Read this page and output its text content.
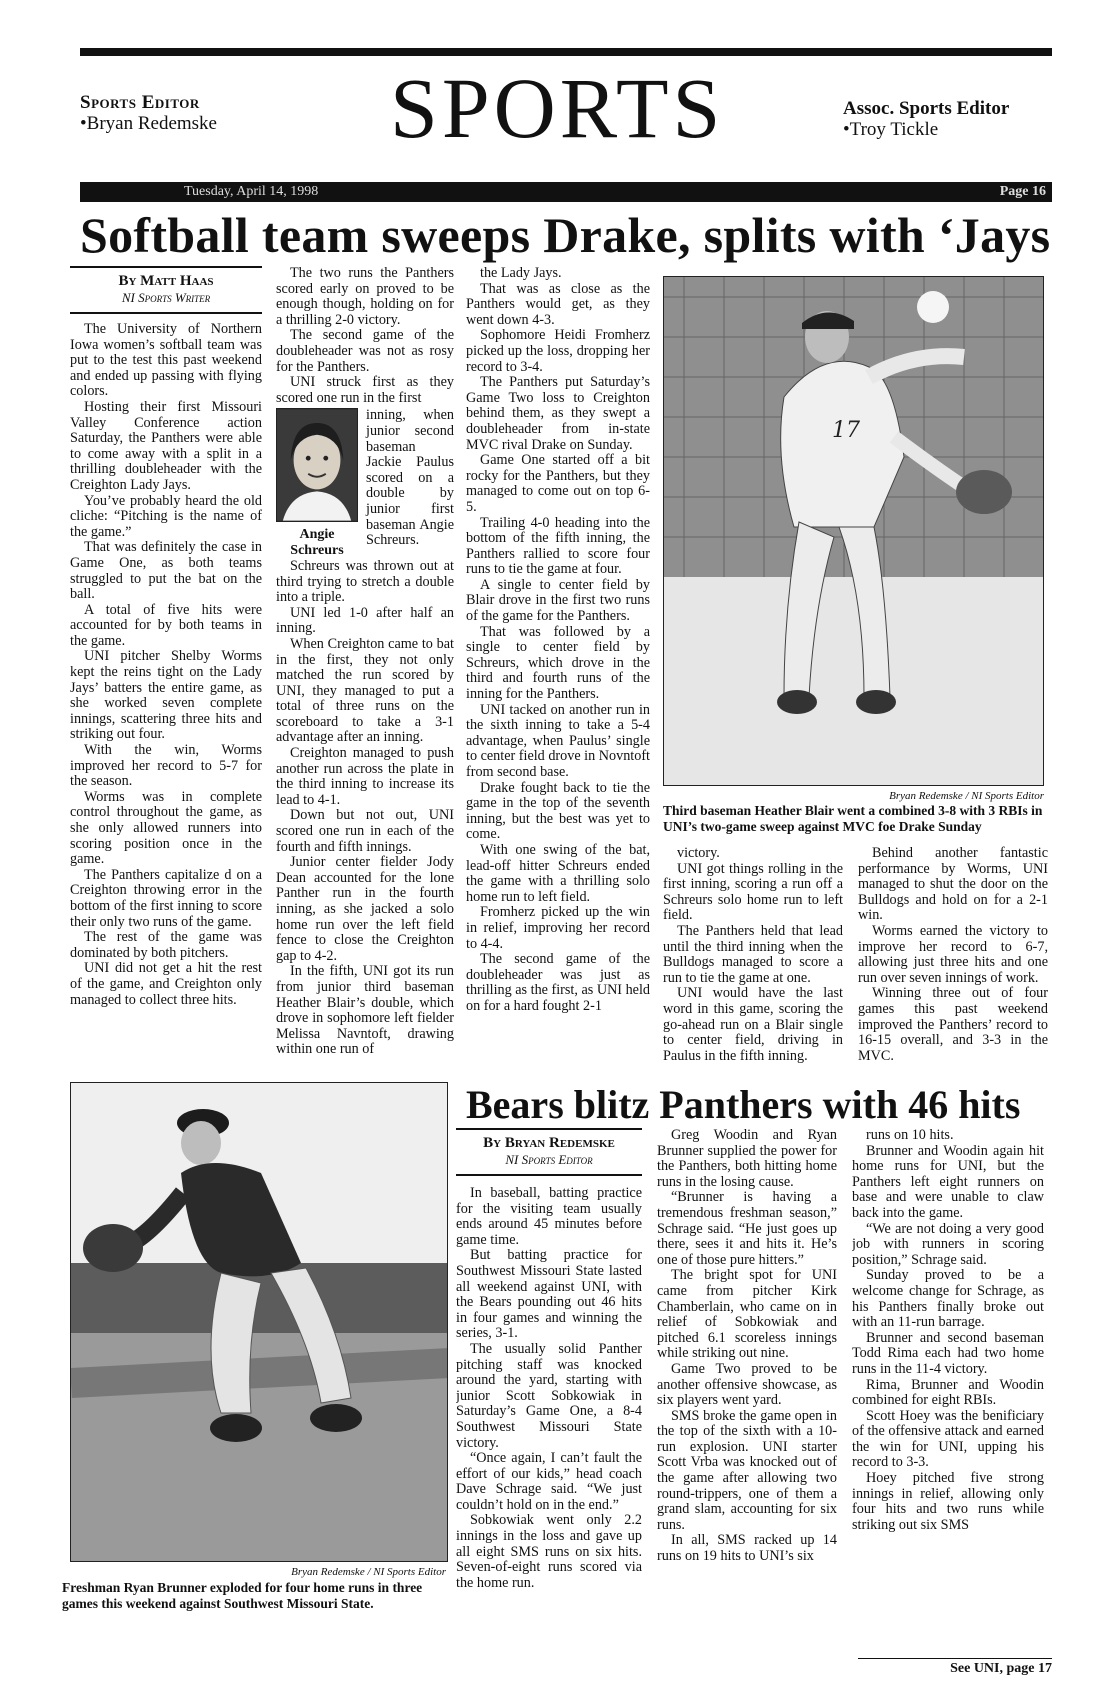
Sports Editor
•Bryan Redemske SPORTS	Assoc. Sports Editor
•Troy Tickle
Tuesday, April 14, 1998	Page 16
Softball team sweeps Drake, splits with ‘Jays
By Matt Haas
NI Sports Writer

The University of Northern Iowa women’s softball team was put to the test this past weekend and ended up passing with flying colors.

Hosting their first Missouri Valley Conference action Saturday, the Panthers were able to come away with a split in a thrilling doubleheader with the Creighton Lady Jays.

You’ve probably heard the old cliche: “Pitching is the name of the game.”

That was definitely the case in Game One, as both teams struggled to put the bat on the ball.

A total of five hits were accounted for by both teams in the game.

UNI pitcher Shelby Worms kept the reins tight on the Lady Jays’ batters the entire game, as she worked seven complete innings, scattering three hits and striking out four.

With the win, Worms improved her record to 5-7 for the season.

Worms was in complete control throughout the game, as she only allowed runners into scoring position once in the game.

The Panthers capitalize d on a Creighton throwing error in the bottom of the first inning to score their only two runs of the game.

The rest of the game was dominated by both pitchers.

UNI did not get a hit the rest of the game, and Creighton only managed to collect three hits.

The two runs the Panthers scored early on proved to be enough though, holding on for a thrilling 2-0 victory.

The second game of the doubleheader was not as rosy for the Panthers.

UNI struck first as they scored one run in the first

Angie Schreurs
inning, when junior second baseman Jackie Paulus scored on a double by junior first baseman Angie Schreurs.

Schreurs was thrown out at third trying to stretch a double into a triple.

UNI led 1-0 after half an inning.

When Creighton came to bat in the first, they not only matched the run scored by UNI, they managed to put a total of three runs on the scoreboard to take a 3-1 advantage after an inning.

Creighton managed to push another run across the plate in the third inning to increase its lead to 4-1.

Down but not out, UNI scored one run in each of the fourth and fifth innings.

Junior center fielder Jody Dean accounted for the lone Panther run in the fourth inning, as she jacked a solo home run over the left field fence to close the Creighton gap to 4-2.

In the fifth, UNI got its run from junior third baseman Heather Blair’s double, which drove in sophomore left fielder Melissa Navntoft, drawing within one run of

the Lady Jays.

That was as close as the Panthers would get, as they went down 4-3.

Sophomore Heidi Fromherz picked up the loss, dropping her record to 3-4.

The Panthers put Saturday’s Game Two loss to Creighton behind them, as they swept a doubleheader from in-state MVC rival Drake on Sunday.

Game One started off a bit rocky for the Panthers, but they managed to come out on top 6-5.

Trailing 4-0 heading into the bottom of the fifth inning, the Panthers rallied to score four runs to tie the game at four.

A single to center field by Blair drove in the first two runs of the game for the Panthers.

That was followed by a single to center field by Schreurs, which drove in the third and fourth runs of the inning for the Panthers.

UNI tacked on another run in the sixth inning to take a 5-4 advantage, when Paulus’ single to center field drove in Novntoft from second base.

Drake fought back to tie the game in the top of the seventh inning, but the best was yet to come.

With one swing of the bat, lead-off hitter Schreurs ended the game with a thrilling solo home run to left field.

Fromherz picked up the win in relief, improving her record to 4-4.

The second game of the doubleheader was just as thrilling as the first, as UNI held on for a hard fought 2-1

17
Bryan Redemske / NI Sports Editor
Third baseman Heather Blair went a combined 3-8 with 3 RBIs in UNI’s two-game sweep against MVC foe Drake Sunday

victory.

UNI got things rolling in the first inning, scoring a run off a Schreurs solo home run to left field.

The Panthers held that lead until the third inning when the Bulldogs managed to score a run to tie the game at one.

UNI would have the last word in this game, scoring the go-ahead run on a Blair single to center field, driving in Paulus in the fifth inning.

Behind another fantastic performance by Worms, UNI managed to shut the door on the Bulldogs and hold on for a 2-1 win.

Worms earned the victory to improve her record to 6-7, allowing just three hits and one run over seven innings of work.

Winning three out of four games this past weekend improved the Panthers’ record to 16-15 overall, and 3-3 in the MVC.

Bryan Redemske / NI Sports Editor
Freshman Ryan Brunner exploded for four home runs in three games this weekend against Southwest Missouri State.
Bears blitz Panthers with 46 hits
By Bryan Redemske
NI Sports Editor

In baseball, batting practice for the visiting team usually ends around 45 minutes before game time.

But batting practice for Southwest Missouri State lasted all weekend against UNI, with the Bears pounding out 46 hits in four games and winning the series, 3-1.

The usually solid Panther pitching staff was knocked around the yard, starting with junior Scott Sobkowiak in Saturday’s Game One, a 8-4 Southwest Missouri State victory.

“Once again, I can’t fault the effort of our kids,” head coach Dave Schrage said. “We just couldn’t hold on in the end.”

Sobkowiak went only 2.2 innings in the loss and gave up all eight SMS runs on six hits. Seven-of-eight runs scored via the home run.

Greg Woodin and Ryan Brunner supplied the power for the Panthers, both hitting home runs in the losing cause.

“Brunner is having a tremendous freshman season,” Schrage said. “He just goes up there, sees it and hits it. He’s one of those pure hitters.”

The bright spot for UNI came from pitcher Kirk Chamberlain, who came on in relief of Sobkowiak and pitched 6.1 scoreless innings while striking out nine.

Game Two proved to be another offensive showcase, as six players went yard.

SMS broke the game open in the top of the sixth with a 10-run explosion. UNI starter Scott Vrba was knocked out of the game after allowing two round-trippers, one of them a grand slam, accounting for six runs.

In all, SMS racked up 14 runs on 19 hits to UNI’s six

runs on 10 hits.

Brunner and Woodin again hit home runs for UNI, but the Panthers left eight runners on base and were unable to claw back into the game.

“We are not doing a very good job with runners in scoring position,” Schrage said.

Sunday proved to be a welcome change for Schrage, as his Panthers finally broke out with an 11-run barrage.

Brunner and second baseman Todd Rima each had two home runs in the 11-4 victory.

Rima, Brunner and Woodin combined for eight RBIs.

Scott Hoey was the benificiary of the offensive attack and earned the win for UNI, upping his record to 3-3.

Hoey pitched five strong innings in relief, allowing only four hits and two runs while striking out six SMS

See UNI, page 17
